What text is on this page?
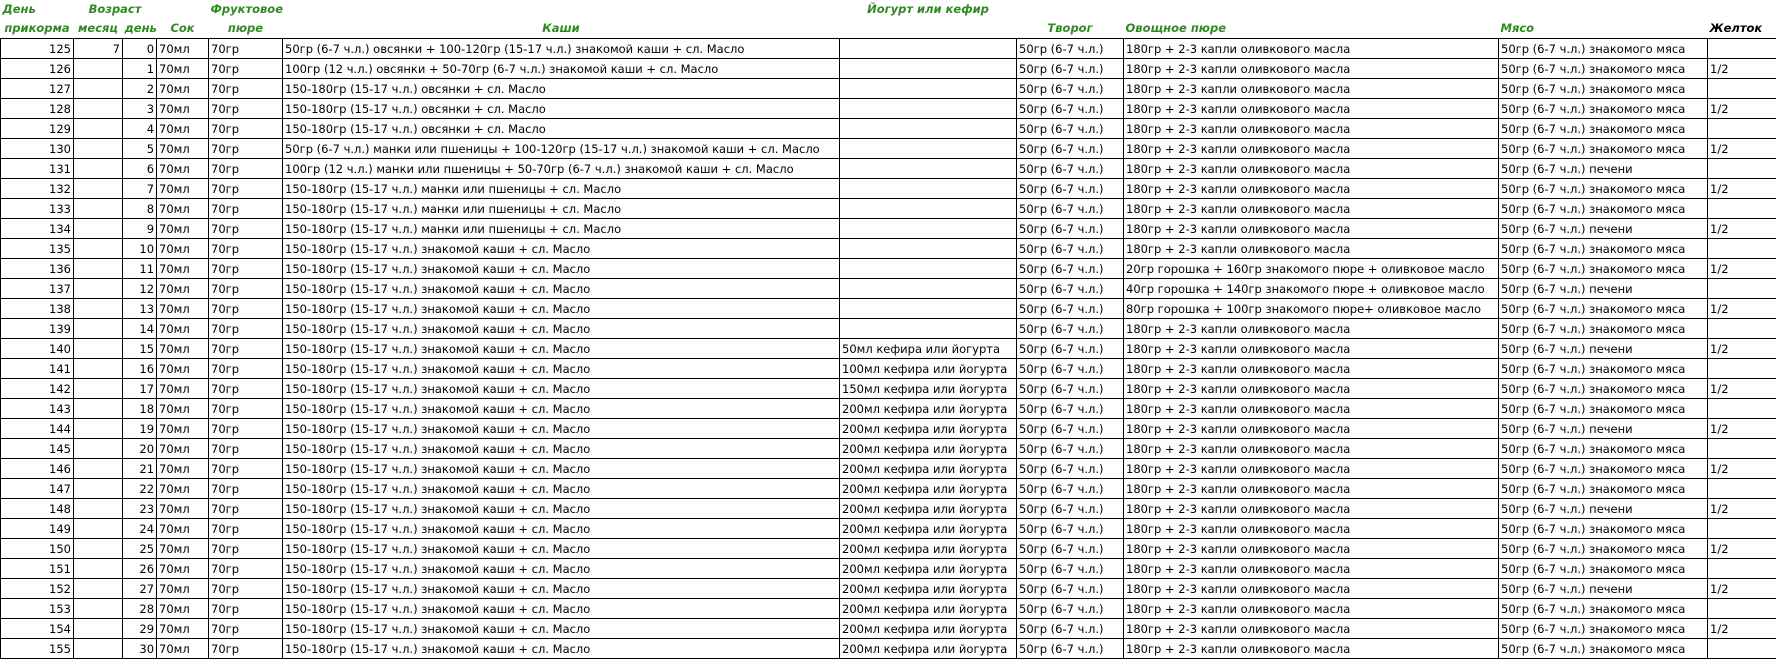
День	Возраст			Фруктовое		Йогурт или кефир				
прикорма	месяц	день	Сок	пюре	Каши		Творог	Овощное пюре	Мясо	Желток
125	7	0	70мл	70гр	50гр (6-7 ч.л.) овсянки + 100-120гр (15-17 ч.л.) знакомой каши + сл. Масло		50гр (6-7 ч.л.)	180гр + 2-3 капли оливкового масла	50гр (6-7 ч.л.) знакомого мяса	
126		1	70мл	70гр	100гр (12 ч.л.) овсянки + 50-70гр (6-7 ч.л.) знакомой каши + сл. Масло		50гр (6-7 ч.л.)	180гр + 2-3 капли оливкового масла	50гр (6-7 ч.л.) знакомого мяса	1/2
127		2	70мл	70гр	150-180гр (15-17 ч.л.) овсянки + сл. Масло		50гр (6-7 ч.л.)	180гр + 2-3 капли оливкового масла	50гр (6-7 ч.л.) знакомого мяса	
128		3	70мл	70гр	150-180гр (15-17 ч.л.) овсянки + сл. Масло		50гр (6-7 ч.л.)	180гр + 2-3 капли оливкового масла	50гр (6-7 ч.л.) знакомого мяса	1/2
129		4	70мл	70гр	150-180гр (15-17 ч.л.) овсянки + сл. Масло		50гр (6-7 ч.л.)	180гр + 2-3 капли оливкового масла	50гр (6-7 ч.л.) знакомого мяса	
130		5	70мл	70гр	50гр (6-7 ч.л.) манки или пшеницы + 100-120гр (15-17 ч.л.) знакомой каши + сл. Масло		50гр (6-7 ч.л.)	180гр + 2-3 капли оливкового масла	50гр (6-7 ч.л.) знакомого мяса	1/2
131		6	70мл	70гр	100гр (12 ч.л.) манки или пшеницы + 50-70гр (6-7 ч.л.) знакомой каши + сл. Масло		50гр (6-7 ч.л.)	180гр + 2-3 капли оливкового масла	50гр (6-7 ч.л.) печени	
132		7	70мл	70гр	150-180гр (15-17 ч.л.) манки или пшеницы + сл. Масло		50гр (6-7 ч.л.)	180гр + 2-3 капли оливкового масла	50гр (6-7 ч.л.) знакомого мяса	1/2
133		8	70мл	70гр	150-180гр (15-17 ч.л.) манки или пшеницы + сл. Масло		50гр (6-7 ч.л.)	180гр + 2-3 капли оливкового масла	50гр (6-7 ч.л.) знакомого мяса	
134		9	70мл	70гр	150-180гр (15-17 ч.л.) манки или пшеницы + сл. Масло		50гр (6-7 ч.л.)	180гр + 2-3 капли оливкового масла	50гр (6-7 ч.л.) печени	1/2
135		10	70мл	70гр	150-180гр (15-17 ч.л.) знакомой каши + сл. Масло		50гр (6-7 ч.л.)	180гр + 2-3 капли оливкового масла	50гр (6-7 ч.л.) знакомого мяса	
136		11	70мл	70гр	150-180гр (15-17 ч.л.) знакомой каши + сл. Масло		50гр (6-7 ч.л.)	20гр горошка + 160гр знакомого пюре + оливковое масло	50гр (6-7 ч.л.) знакомого мяса	1/2
137		12	70мл	70гр	150-180гр (15-17 ч.л.) знакомой каши + сл. Масло		50гр (6-7 ч.л.)	40гр горошка + 140гр знакомого пюре + оливковое масло	50гр (6-7 ч.л.) печени	
138		13	70мл	70гр	150-180гр (15-17 ч.л.) знакомой каши + сл. Масло		50гр (6-7 ч.л.)	80гр горошка + 100гр знакомого пюре+ оливковое масло	50гр (6-7 ч.л.) знакомого мяса	1/2
139		14	70мл	70гр	150-180гр (15-17 ч.л.) знакомой каши + сл. Масло		50гр (6-7 ч.л.)	180гр + 2-3 капли оливкового масла	50гр (6-7 ч.л.) знакомого мяса	
140		15	70мл	70гр	150-180гр (15-17 ч.л.) знакомой каши + сл. Масло	50мл кефира или йогурта	50гр (6-7 ч.л.)	180гр + 2-3 капли оливкового масла	50гр (6-7 ч.л.) печени	1/2
141		16	70мл	70гр	150-180гр (15-17 ч.л.) знакомой каши + сл. Масло	100мл кефира или йогурта	50гр (6-7 ч.л.)	180гр + 2-3 капли оливкового масла	50гр (6-7 ч.л.) знакомого мяса	
142		17	70мл	70гр	150-180гр (15-17 ч.л.) знакомой каши + сл. Масло	150мл кефира или йогурта	50гр (6-7 ч.л.)	180гр + 2-3 капли оливкового масла	50гр (6-7 ч.л.) знакомого мяса	1/2
143		18	70мл	70гр	150-180гр (15-17 ч.л.) знакомой каши + сл. Масло	200мл кефира или йогурта	50гр (6-7 ч.л.)	180гр + 2-3 капли оливкового масла	50гр (6-7 ч.л.) знакомого мяса	
144		19	70мл	70гр	150-180гр (15-17 ч.л.) знакомой каши + сл. Масло	200мл кефира или йогурта	50гр (6-7 ч.л.)	180гр + 2-3 капли оливкового масла	50гр (6-7 ч.л.) печени	1/2
145		20	70мл	70гр	150-180гр (15-17 ч.л.) знакомой каши + сл. Масло	200мл кефира или йогурта	50гр (6-7 ч.л.)	180гр + 2-3 капли оливкового масла	50гр (6-7 ч.л.) знакомого мяса	
146		21	70мл	70гр	150-180гр (15-17 ч.л.) знакомой каши + сл. Масло	200мл кефира или йогурта	50гр (6-7 ч.л.)	180гр + 2-3 капли оливкового масла	50гр (6-7 ч.л.) знакомого мяса	1/2
147		22	70мл	70гр	150-180гр (15-17 ч.л.) знакомой каши + сл. Масло	200мл кефира или йогурта	50гр (6-7 ч.л.)	180гр + 2-3 капли оливкового масла	50гр (6-7 ч.л.) знакомого мяса	
148		23	70мл	70гр	150-180гр (15-17 ч.л.) знакомой каши + сл. Масло	200мл кефира или йогурта	50гр (6-7 ч.л.)	180гр + 2-3 капли оливкового масла	50гр (6-7 ч.л.) печени	1/2
149		24	70мл	70гр	150-180гр (15-17 ч.л.) знакомой каши + сл. Масло	200мл кефира или йогурта	50гр (6-7 ч.л.)	180гр + 2-3 капли оливкового масла	50гр (6-7 ч.л.) знакомого мяса	
150		25	70мл	70гр	150-180гр (15-17 ч.л.) знакомой каши + сл. Масло	200мл кефира или йогурта	50гр (6-7 ч.л.)	180гр + 2-3 капли оливкового масла	50гр (6-7 ч.л.) знакомого мяса	1/2
151		26	70мл	70гр	150-180гр (15-17 ч.л.) знакомой каши + сл. Масло	200мл кефира или йогурта	50гр (6-7 ч.л.)	180гр + 2-3 капли оливкового масла	50гр (6-7 ч.л.) знакомого мяса	
152		27	70мл	70гр	150-180гр (15-17 ч.л.) знакомой каши + сл. Масло	200мл кефира или йогурта	50гр (6-7 ч.л.)	180гр + 2-3 капли оливкового масла	50гр (6-7 ч.л.) печени	1/2
153		28	70мл	70гр	150-180гр (15-17 ч.л.) знакомой каши + сл. Масло	200мл кефира или йогурта	50гр (6-7 ч.л.)	180гр + 2-3 капли оливкового масла	50гр (6-7 ч.л.) знакомого мяса	
154		29	70мл	70гр	150-180гр (15-17 ч.л.) знакомой каши + сл. Масло	200мл кефира или йогурта	50гр (6-7 ч.л.)	180гр + 2-3 капли оливкового масла	50гр (6-7 ч.л.) знакомого мяса	1/2
155		30	70мл	70гр	150-180гр (15-17 ч.л.) знакомой каши + сл. Масло	200мл кефира или йогурта	50гр (6-7 ч.л.)	180гр + 2-3 капли оливкового масла	50гр (6-7 ч.л.) знакомого мяса	
